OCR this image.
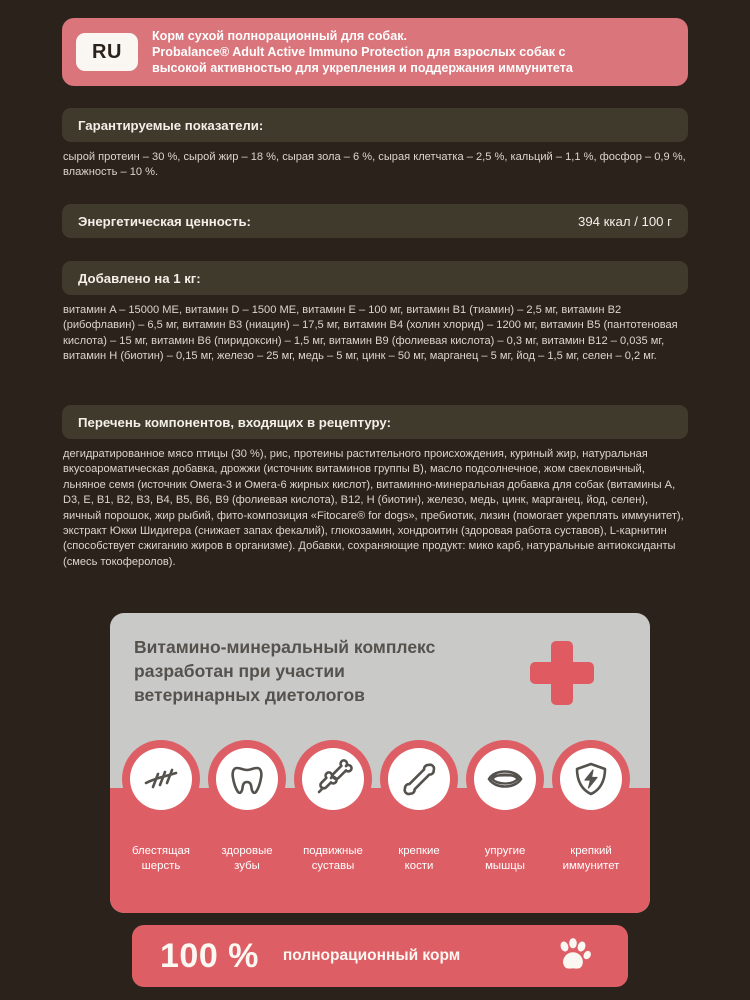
RU
Корм сухой полнорационный для собак.
Probalance® Adult Active Immuno Protection для взрослых собак с
высокой активностью для укрепления и поддержания иммунитета
Гарантируемые показатели:
сырой протеин – 30 %, сырой жир – 18 %, сырая зола – 6 %, сырая клетчатка – 2,5 %, кальций – 1,1 %, фосфор – 0,9 %, влажность – 10 %.
Энергетическая ценность:	394 ккал / 100 г
Добавлено на 1 кг:
витамин A – 15000 МЕ, витамин D – 1500 МЕ, витамин E – 100 мг, витамин B1 (тиамин) – 2,5 мг, витамин B2 (рибофлавин) – 6,5 мг, витамин B3 (ниацин) – 17,5 мг, витамин B4 (холин хлорид) – 1200 мг, витамин B5 (пантотеновая кислота) – 15 мг, витамин B6 (пиридоксин) – 1,5 мг, витамин B9 (фолиевая кислота) – 0,3 мг, витамин B12 – 0,035 мг, витамин H (биотин) – 0,15 мг, железо – 25 мг, медь – 5 мг, цинк – 50 мг, марганец – 5 мг, йод – 1,5 мг, селен – 0,2 мг.
Перечень компонентов, входящих в рецептуру:
дегидратированное мясо птицы (30 %), рис, протеины растительного происхождения, куриный жир, натуральная вкусоароматическая добавка, дрожжи (источник витаминов группы B), масло подсолнечное, жом свекловичный, льняное семя (источник Омега-3 и Омега-6 жирных кислот), витаминно-минеральная добавка для собак (витамины A, D3, E, B1, B2, B3, B4, B5, B6, B9 (фолиевая кислота), B12, H (биотин), железо, медь, цинк, марганец, йод, селен), яичный порошок, жир рыбий, фито-композиция «Fitocare® for dogs», пребиотик, лизин (помогает укреплять иммунитет), экстракт Юкки Шидигера (снижает запах фекалий), глюкозамин, хондроитин (здоровая работа суставов), L-карнитин (способствует сжиганию жиров в организме). Добавки, сохраняющие продукт: мико карб, натуральные антиоксиданты (смесь токоферолов).
Витамино-минеральный комплекс разработан при участии ветеринарных диетологов
блестящая
шерсть
здоровые
зубы
подвижные
суставы
крепкие
кости
упругие
мышцы
крепкий
иммунитет
100 % полнорационный корм
